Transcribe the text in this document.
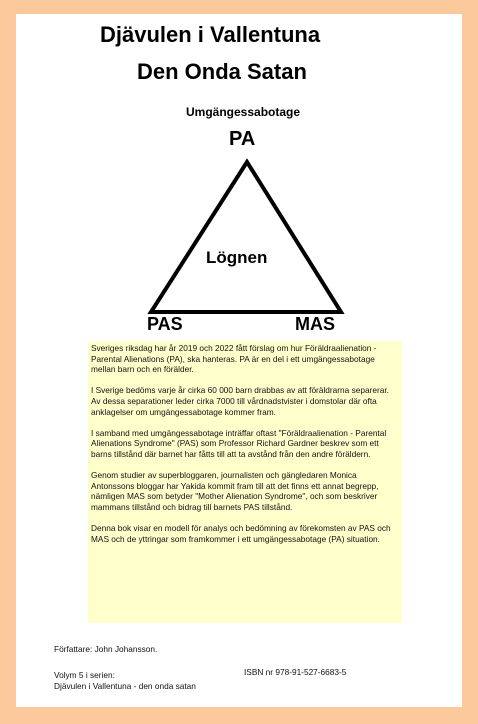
Djävulen i Vallentuna
Den Onda Satan
Umgängessabotage
PA
Lögnen
PAS	MAS

Sveriges riksdag har år 2019 och 2022 fått förslag om hur Föräldraalienation - Parental Alienations (PA), ska hanteras. PA är en del i ett umgängessabotage mellan barn och en förälder.

I Sverige bedöms varje år cirka 60 000 barn drabbas av att föräldrarna separerar. Av dessa separationer leder cirka 7000 till vårdnadstvister i domstolar där ofta anklagelser om umgängessabotage kommer fram.

I samband med umgängessabotage inträffar oftast "Föräldraalienation - Parental Alienations Syndrome" (PAS) som Professor Richard Gardner beskrev som ett barns tillstånd där barnet har fåtts till att ta avstånd från den andre föräldern.

Genom studier av superbloggaren, journalisten och gängledaren Monica Antonssons bloggar har Yakida kommit fram till att det finns ett annat begrepp, nämligen MAS som betyder "Mother Alienation Syndrome", och som beskriver mammans tillstånd och bidrag till barnets PAS tillstånd.

Denna bok visar en modell för analys och bedömning av förekomsten av PAS och MAS och de yttringar som framkommer i ett umgängessabotage (PA) situation.

Författare: John Johansson.
Volym 5 i serien:
Djävulen i Vallentuna - den onda satan
ISBN nr 978-91-527-6683-5
